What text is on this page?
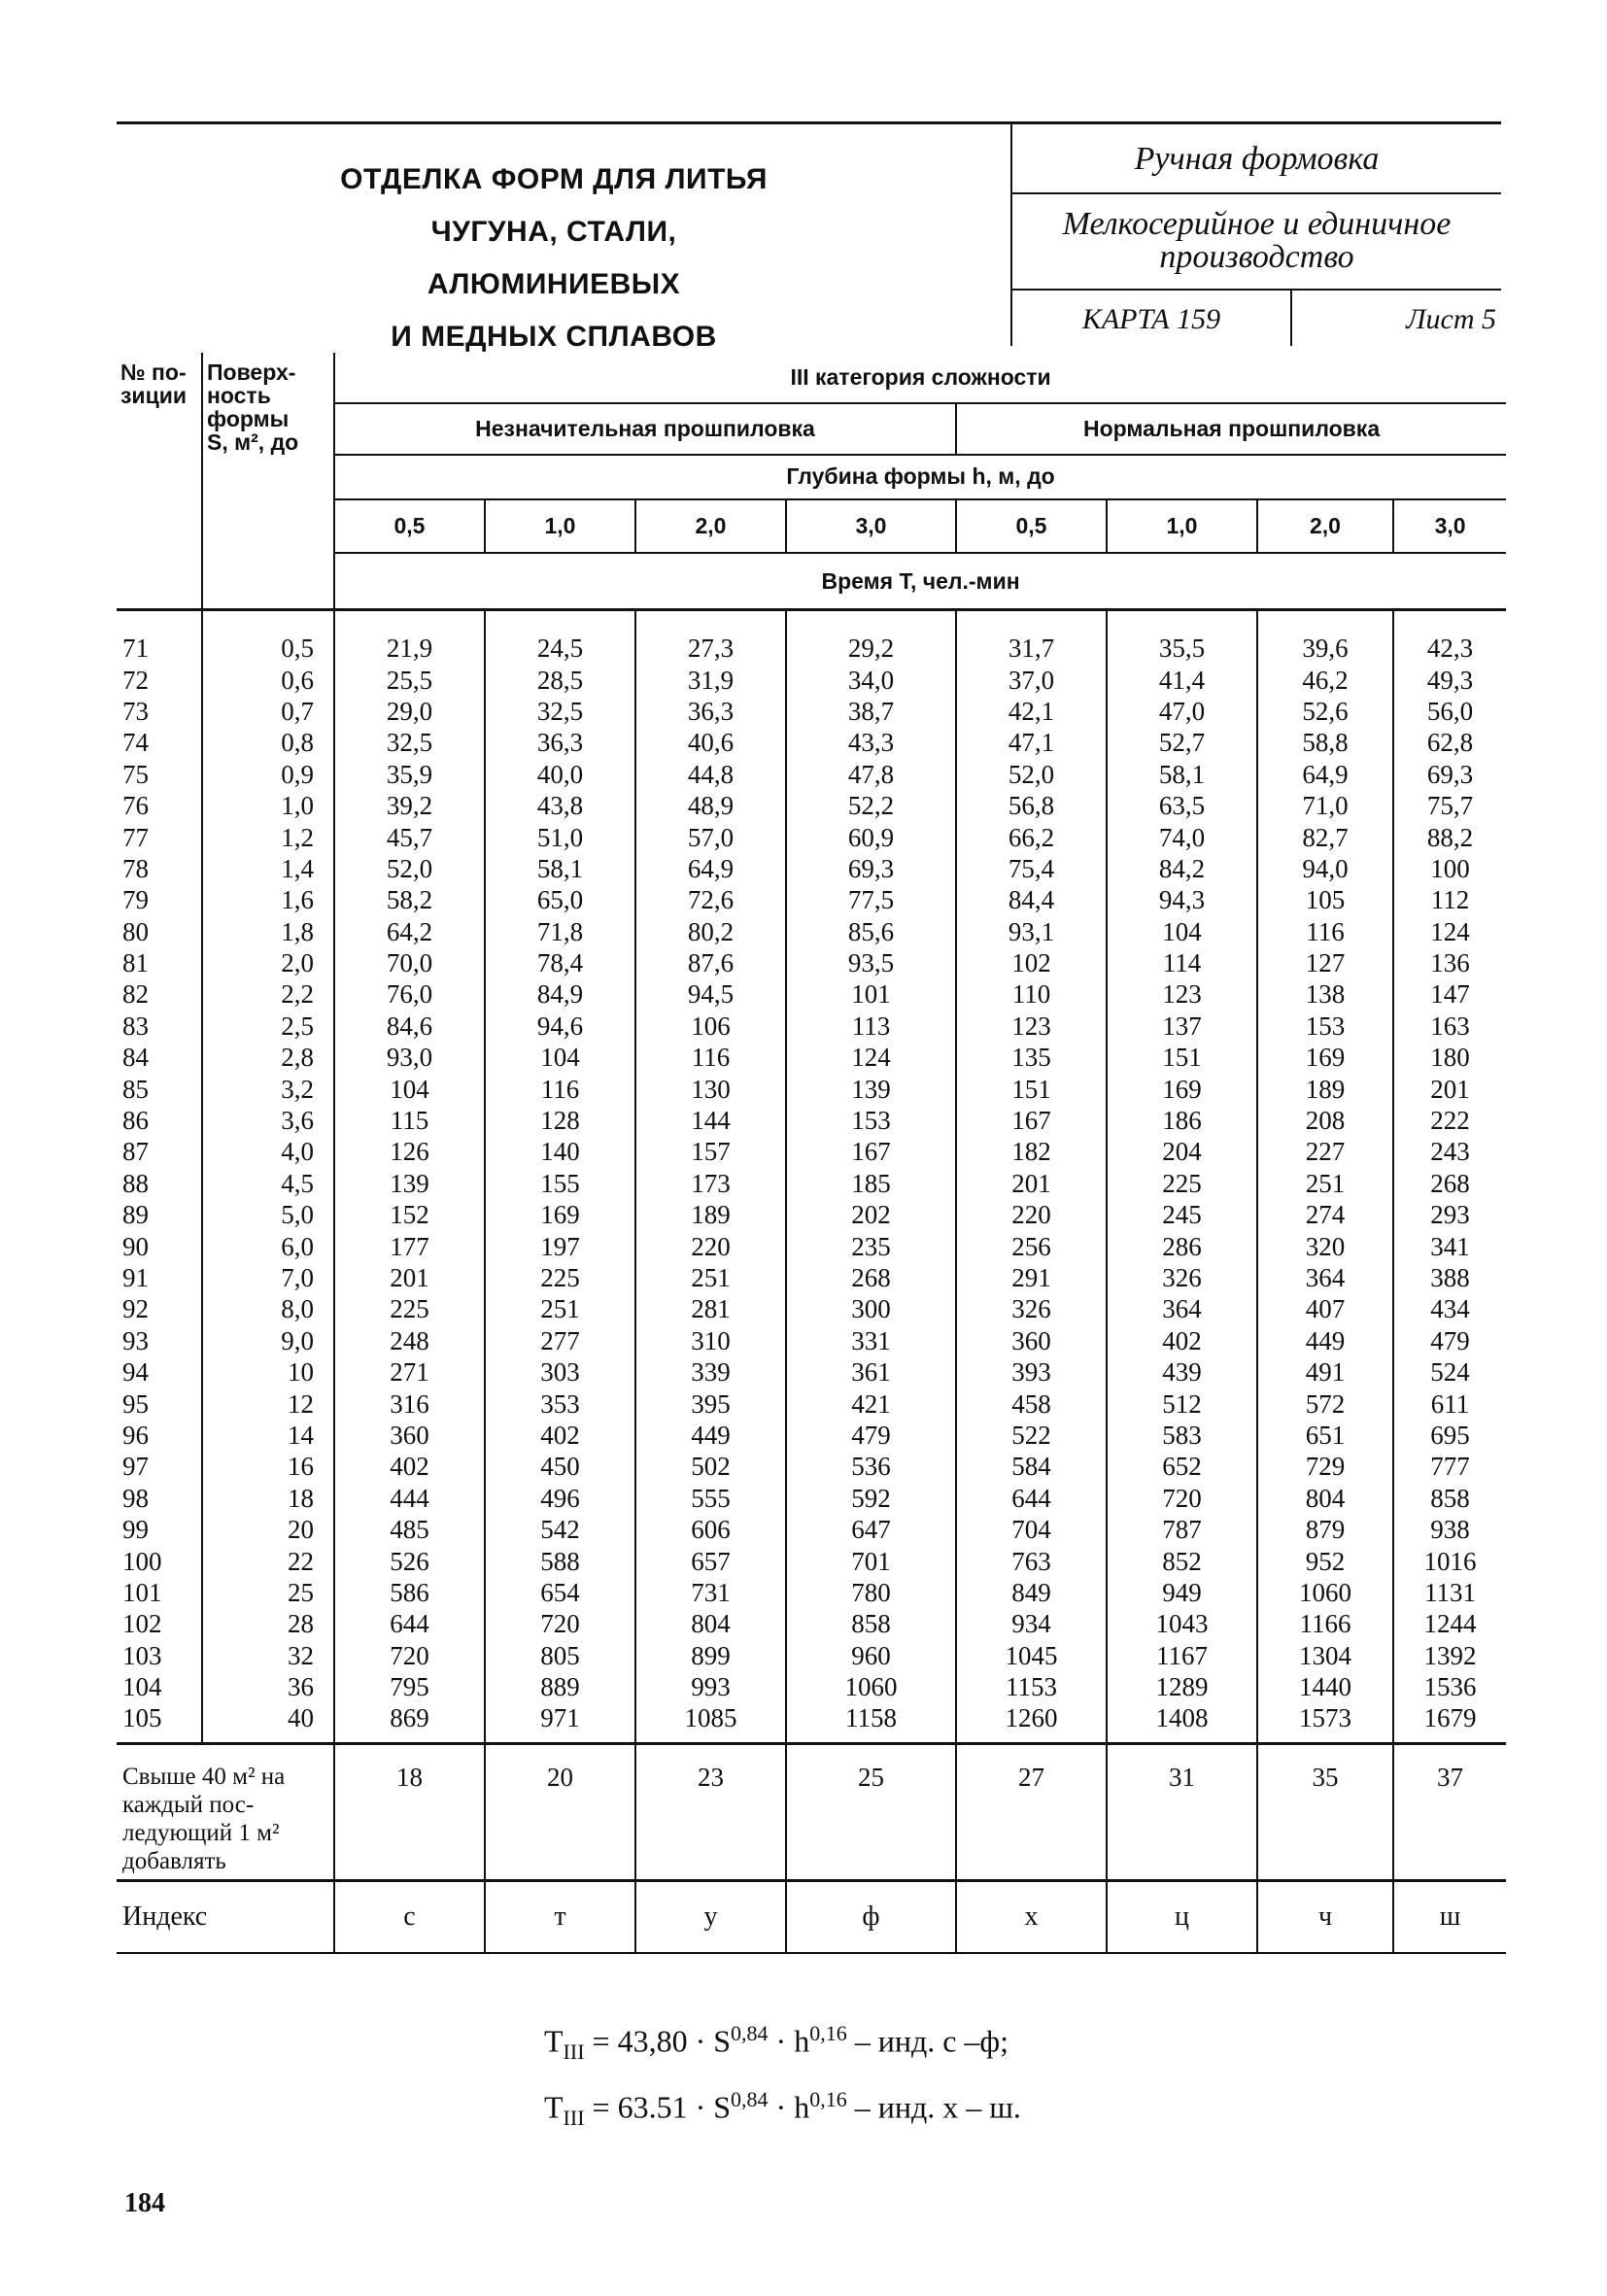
ОТДЕЛКА ФОРМ ДЛЯ ЛИТЬЯ
ЧУГУНА, СТАЛИ, АЛЮМИНИЕВЫХ
И МЕДНЫХ СПЛАВОВ
Ручная формовка
Мелкосерийное и единичное
производство
КАРТА 159	Лист 5
№ по-
зиции	Поверх-
ность
формы
S, м², до	III категория сложности							
		Незначительная прошпиловка				Нормальная прошпиловка			
		Глубина формы h, м, до							
		0,5	1,0	2,0	3,0	0,5	1,0	2,0	3,0
		Время T, чел.-мин							
71	0,5	21,9	24,5	27,3	29,2	31,7	35,5	39,6	42,3
72	0,6	25,5	28,5	31,9	34,0	37,0	41,4	46,2	49,3
73	0,7	29,0	32,5	36,3	38,7	42,1	47,0	52,6	56,0
74	0,8	32,5	36,3	40,6	43,3	47,1	52,7	58,8	62,8
75	0,9	35,9	40,0	44,8	47,8	52,0	58,1	64,9	69,3
76	1,0	39,2	43,8	48,9	52,2	56,8	63,5	71,0	75,7
77	1,2	45,7	51,0	57,0	60,9	66,2	74,0	82,7	88,2
78	1,4	52,0	58,1	64,9	69,3	75,4	84,2	94,0	100
79	1,6	58,2	65,0	72,6	77,5	84,4	94,3	105	112
80	1,8	64,2	71,8	80,2	85,6	93,1	104	116	124
81	2,0	70,0	78,4	87,6	93,5	102	114	127	136
82	2,2	76,0	84,9	94,5	101	110	123	138	147
83	2,5	84,6	94,6	106	113	123	137	153	163
84	2,8	93,0	104	116	124	135	151	169	180
85	3,2	104	116	130	139	151	169	189	201
86	3,6	115	128	144	153	167	186	208	222
87	4,0	126	140	157	167	182	204	227	243
88	4,5	139	155	173	185	201	225	251	268
89	5,0	152	169	189	202	220	245	274	293
90	6,0	177	197	220	235	256	286	320	341
91	7,0	201	225	251	268	291	326	364	388
92	8,0	225	251	281	300	326	364	407	434
93	9,0	248	277	310	331	360	402	449	479
94	10	271	303	339	361	393	439	491	524
95	12	316	353	395	421	458	512	572	611
96	14	360	402	449	479	522	583	651	695
97	16	402	450	502	536	584	652	729	777
98	18	444	496	555	592	644	720	804	858
99	20	485	542	606	647	704	787	879	938
100	22	526	588	657	701	763	852	952	1016
101	25	586	654	731	780	849	949	1060	1131
102	28	644	720	804	858	934	1043	1166	1244
103	32	720	805	899	960	1045	1167	1304	1392
104	36	795	889	993	1060	1153	1289	1440	1536
105	40	869	971	1085	1158	1260	1408	1573	1679
Свыше 40 м² на каждый пос-ледующий 1 м² добавлять		18	20	23	25	27	31	35	37
Индекс		с	т	у	ф	х	ц	ч	ш
$T_{III} = 43,80 \cdot S^{0,84} \cdot h^{0,16}$ – инд. с –ф;
$T_{III} = 63.51 \cdot S^{0,84} \cdot h^{0,16}$ – инд. х – ш.
184
